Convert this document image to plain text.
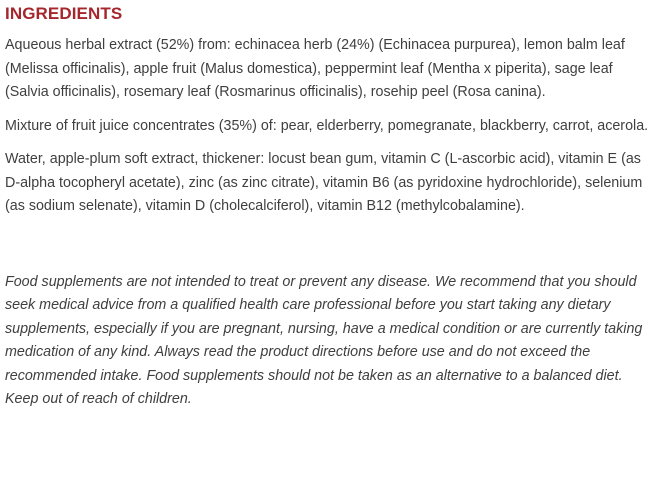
INGREDIENTS

Aqueous herbal extract (52%) from: echinacea herb (24%) (Echinacea purpurea), lemon balm leaf (Melissa officinalis), apple fruit (Malus domestica), peppermint leaf (Mentha x piperita), sage leaf (Salvia officinalis), rosemary leaf (Rosmarinus officinalis), rosehip peel (Rosa canina).

Mixture of fruit juice concentrates (35%) of: pear, elderberry, pomegranate, blackberry, carrot, acerola.

Water, apple-plum soft extract, thickener: locust bean gum, vitamin C (L-ascorbic acid), vitamin E (as D-alpha tocopheryl acetate), zinc (as zinc citrate), vitamin B6 (as pyridoxine hydrochloride), selenium (as sodium selenate), vitamin D (cholecalciferol), vitamin B12 (methylcobalamine).

Food supplements are not intended to treat or prevent any disease. We recommend that you should seek medical advice from a qualified health care professional before you start taking any dietary supplements, especially if you are pregnant, nursing, have a medical condition or are currently taking medication of any kind. Always read the product directions before use and do not exceed the recommended intake. Food supplements should not be taken as an alternative to a balanced diet. Keep out of reach of children.
